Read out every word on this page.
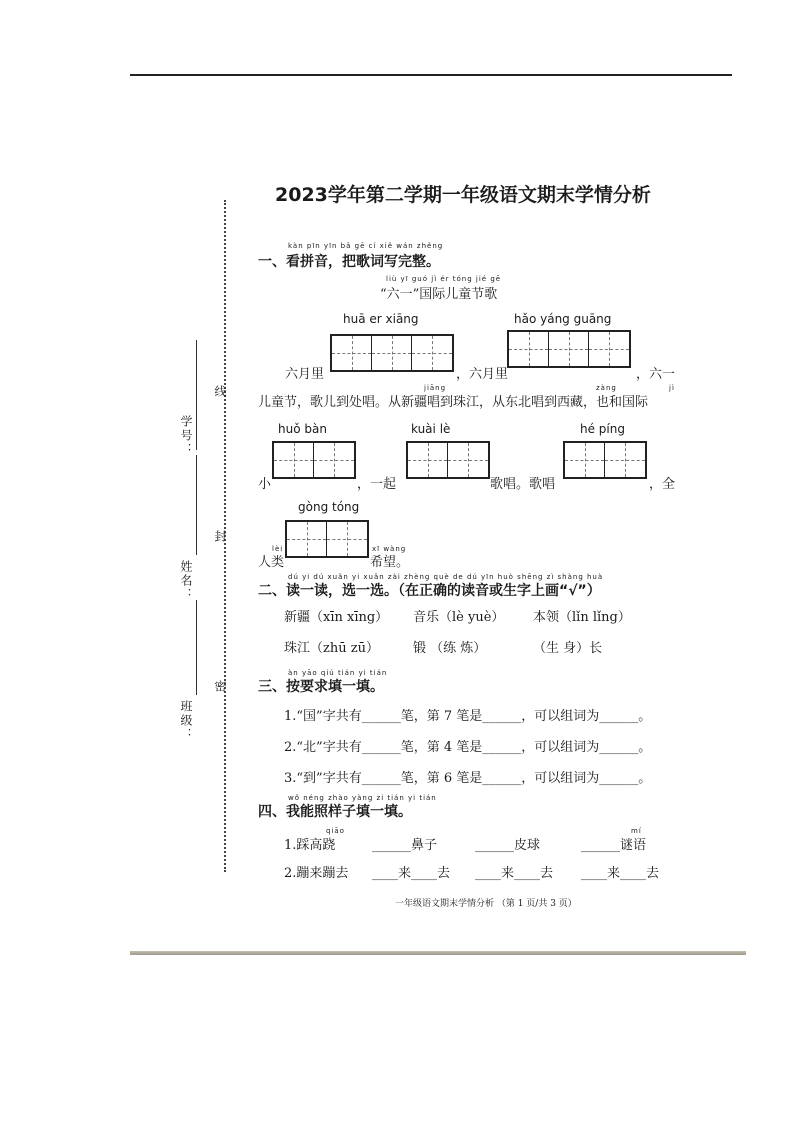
线
封
密
学号：
姓名：
班级：
2023学年第二学期一年级语文期末学情分析
kàn pīn yīn bǎ gē cí xiě wán zhěng
一、看拼音，把歌词写完整。
liù yī guó jì ér tóng jié gē
“六一”国际儿童节歌
huā er xiāng	hǎo yáng guāng
六月里	，六月里	，六一
jiāng	zàng	jì
儿童节，歌儿到处唱。从新疆唱到珠江，从东北唱到西藏，也和国际
huǒ bàn	kuài lè	hé píng
小	，一起	歌唱。歌唱	，全
gòng tóng
lèi
人类
xī wàng
希望。
dú yi dú xuǎn yi xuǎn zài zhèng què de dú yīn huò shēng zì shàng huà
二、读一读，选一选。（在正确的读音或生字上画“√”）
新疆（xīn xīng） 音乐（lè yuè） 本领（lǐn lǐng）
珠江（zhū zū）	锻 （练 炼）	（生 身）长
àn yāo qiú tián yi tián
三、按要求填一填。
1.“国”字共有______笔，第 7 笔是______，可以组词为______。
2.“北”字共有______笔，第 4 笔是______，可以组词为______。
3.“到”字共有______笔，第 6 笔是______，可以组词为______。
wǒ néng zhào yàng zi tián yi tián
四、我能照样子填一填。
qiāo	mí
1.踩高跷	______鼻子	______皮球	______谜语
2.蹦来蹦去 ____来____去 ____来____去 ____来____去
一年级语文期末学情分析 （第 1 页/共 3 页）
